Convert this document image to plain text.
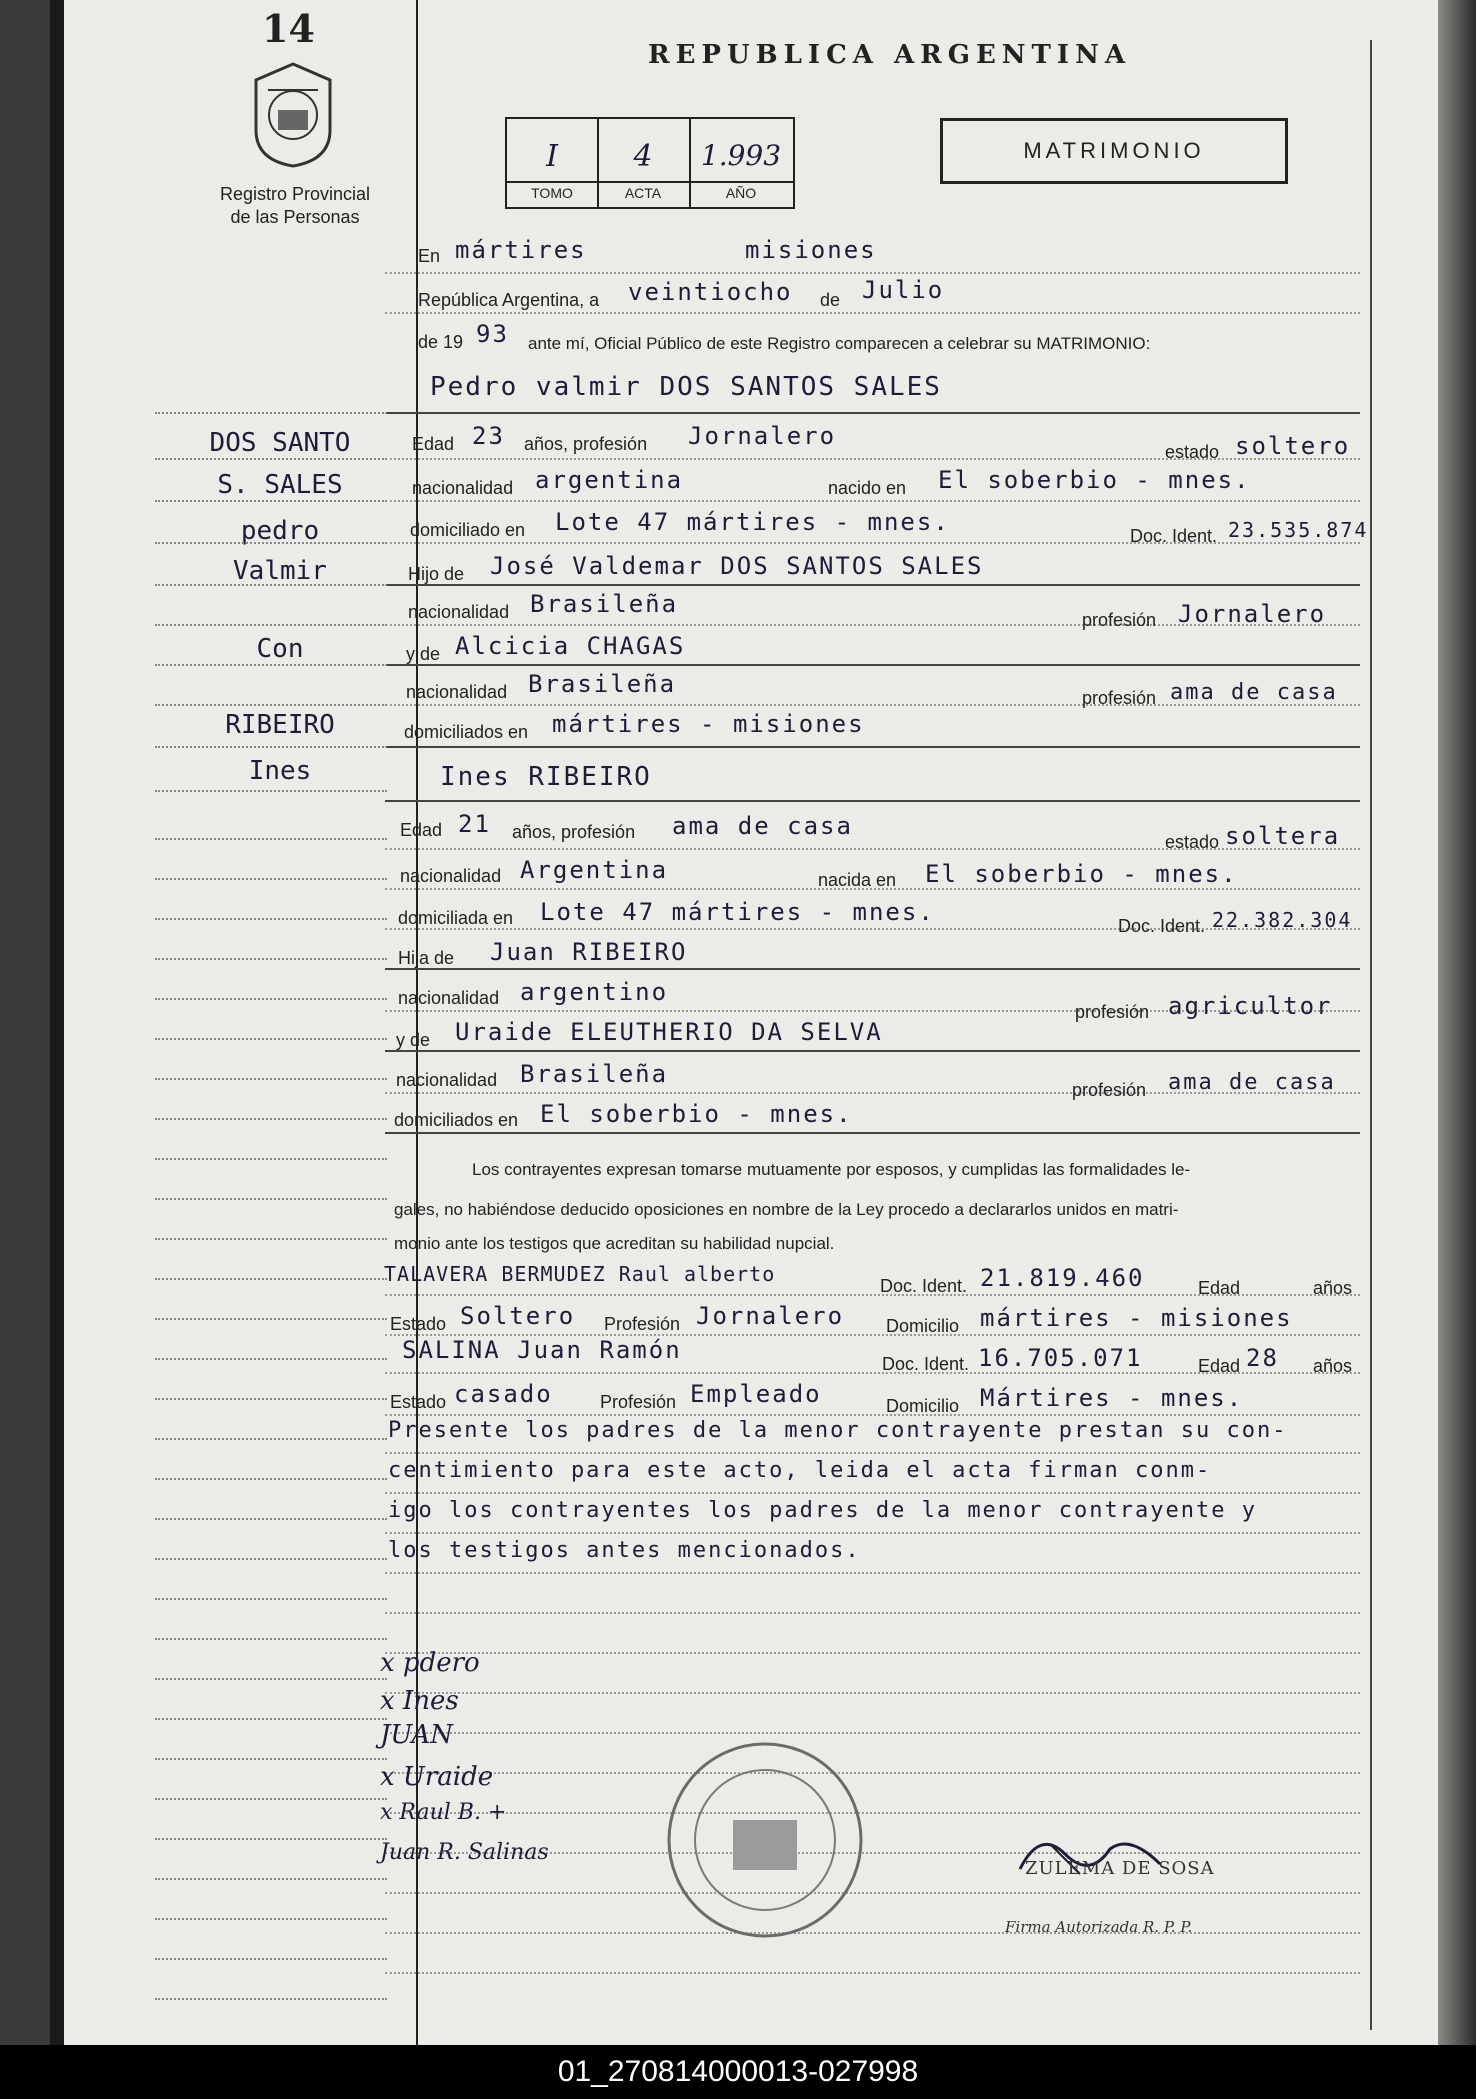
14
Registro Provincial
de las Personas
REPUBLICA ARGENTINA
I	4	1.993
TOMO	ACTA	AÑO
MATRIMONIO
En mártires	misiones
República Argentina, a veintiocho de Julio
de 19 93 ante mí, Oficial Público de este Registro comparecen a celebrar su MATRIMONIO:
Pedro valmir DOS SANTOS SALES
Edad 23 años, profesión Jornalero
estado soltero
nacionalidad argentina	nacido en El soberbio - mnes.
domiciliado en Lote 47 mártires - mnes.	Doc. Ident. 23.535.874
Hijo de José Valdemar DOS SANTOS SALES
nacionalidad Brasileña
profesión Jornalero
y de Alcicia CHAGAS
nacionalidad Brasileña	profesión ama de casa
domiciliados en mártires - misiones
Ines RIBEIRO
Edad 21 años, profesión ama de casa
estado soltera
nacionalidad Argentina	nacida en El soberbio - mnes.
domiciliada en Lote 47 mártires - mnes.	Doc. Ident. 22.382.304
Hija de Juan RIBEIRO
nacionalidad argentino
profesión agricultor
y de Uraide ELEUTHERIO DA SELVA
nacionalidad Brasileña
profesión ama de casa
domiciliados en El soberbio - mnes.
Los contrayentes expresan tomarse mutuamente por esposos, y cumplidas las formalidades le-
gales, no habiéndose deducido oposiciones en nombre de la Ley procedo a declararlos unidos en matri-
monio ante los testigos que acreditan su habilidad nupcial.
TALAVERA BERMUDEZ Raul alberto	Doc. Ident. 21.819.460	Edad	años
Estado Soltero Profesión Jornalero Domicilio mártires - misiones
SALINA Juan Ramón	Doc. Ident. 16.705.071	Edad 28 años
Estado casado	Profesión Empleado	Domicilio Mártires - mnes.
Presente los padres de la menor contrayente prestan su con-
centimiento para este acto, leida el acta firman conm-
igo los contrayentes los padres de la menor contrayente y
los testigos antes mencionados.
x pdero
x Ines
JUAN
x Uraide
x Raul B. +
Juan R. Salinas
ZULEMA DE SOSA
Firma Autorizada R. P. P.
DOS SANTO
S. SALES
pedro
Valmir
Con
RIBEIRO
Ines
01_270814000013-027998
